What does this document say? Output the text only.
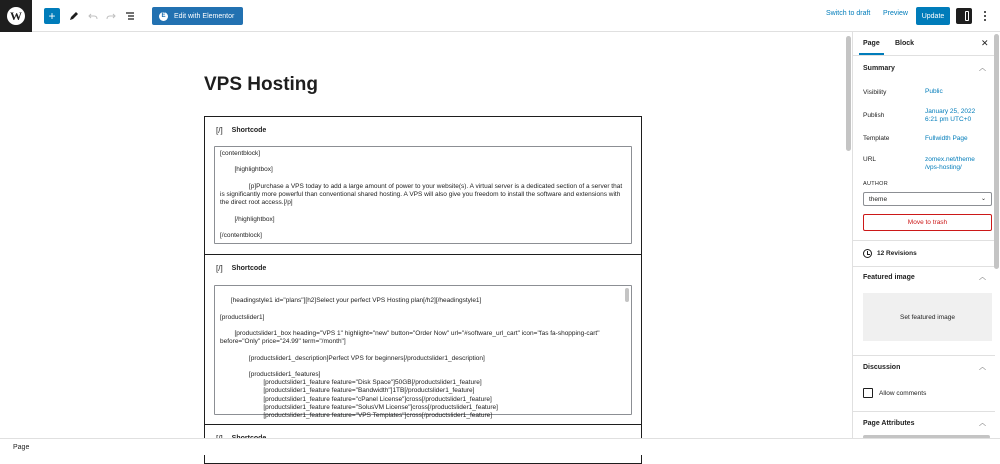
W	+	E	Edit with Elementor	Switch to draft Preview	Update
VPS Hosting
[/] Shortcode
[contentblock]

[highlightbox]

[p]Purchase a VPS today to add a large amount of power to your website(s). A virtual server is a dedicated section of a server that is significantly more powerful than conventional shared hosting. A VPS will also give you freedom to install the software and extensions with the direct root access.[/p]

[/highlightbox]

[/contentblock]
[/] Shortcode

[headingstyle1 id="plans"][h2]Select your perfect VPS Hosting plan[/h2][/headingstyle1]

[productslider1]

[productslider1_box heading="VPS 1" highlight="new" button="Order Now" url="#software_url_cart" icon="fas fa-shopping-cart" before="Only" price="24.99" term="/month"]

[productslider1_description]Perfect VPS for beginners[/productslider1_description]

[productslider1_features]
[productslider1_feature feature="Disk Space"]50GB[/productslider1_feature]
[productslider1_feature feature="Bandwidth"]1TB[/productslider1_feature]
[productslider1_feature feature="cPanel License"]cross[/productslider1_feature]
[productslider1_feature feature="SolusVM License"]cross[/productslider1_feature]
[productslider1_feature feature="VPS Templates"]cross[/productslider1_feature]

Page Block	✕
Summary	︿
Visibility	Public
Publish
January 25, 2022
6:21 pm UTC+0
Template	Fullwidth Page
URL	zomex.net/theme
/vps-hosting/
AUTHOR
theme	⌄
Move to trash
12 Revisions
Featured image	︿
Set featured image
Discussion	︿
Allow comments
Page Attributes	︿
Page
